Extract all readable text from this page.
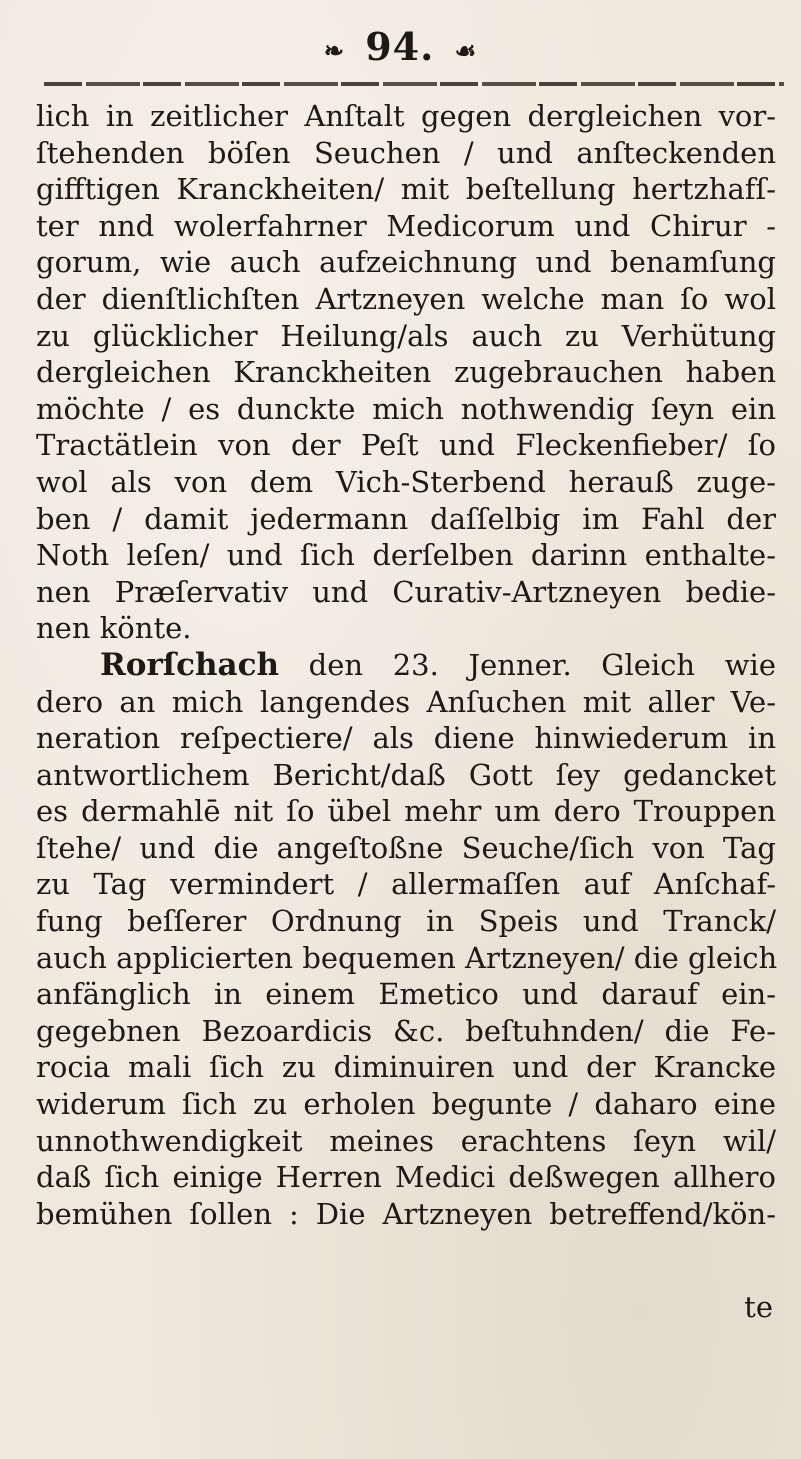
❧ 94. ☙
lich in zeitlicher Anſtalt gegen dergleichen vor-
ſtehenden böſen Seuchen / und anſteckenden
gifftigen Kranckheiten/ mit beſtellung hertzhafſ-
ter nnd wolerfahrner Medicorum und Chirur -
gorum, wie auch aufzeichnung und benamſung
der dienſtlichſten Artzneyen welche man ſo wol
zu glücklicher Heilung/als auch zu Verhütung
dergleichen Kranckheiten zugebrauchen haben
möchte / es dunckte mich nothwendig ſeyn ein
Tractätlein von der Peſt und Fleckenfieber/ ſo
wol als von dem Vich-Sterbend herauß zuge-
ben / damit jedermann daſſelbig im Fahl der
Noth leſen/ und ſich derſelben darinn enthalte-
nen Præſervativ und Curativ-Artzneyen bedie-
nen könte.
Rorſchach den 23. Jenner. Gleich wie
dero an mich langendes Anſuchen mit aller Ve-
neration reſpectiere/ als diene hinwiederum in
antwortlichem Bericht/daß Gott ſey gedancket
es dermahlē nit ſo übel mehr um dero Trouppen
ſtehe/ und die angeſtoßne Seuche/ſich von Tag
zu Tag vermindert / allermaſſen auf Anſchaf-
fung beſſerer Ordnung in Speis und Tranck/
auch applicierten bequemen Artzneyen/ die gleich
anfänglich in einem Emetico und darauf ein-
gegebnen Bezoardicis &c. beſtuhnden/ die Fe-
rocia mali ſich zu diminuiren und der Krancke
widerum ſich zu erholen begunte / daharo eine
unnothwendigkeit meines erachtens ſeyn wil/
daß ſich einige Herren Medici deßwegen allhero
bemühen ſollen : Die Artzneyen betreffend/kön-
te
